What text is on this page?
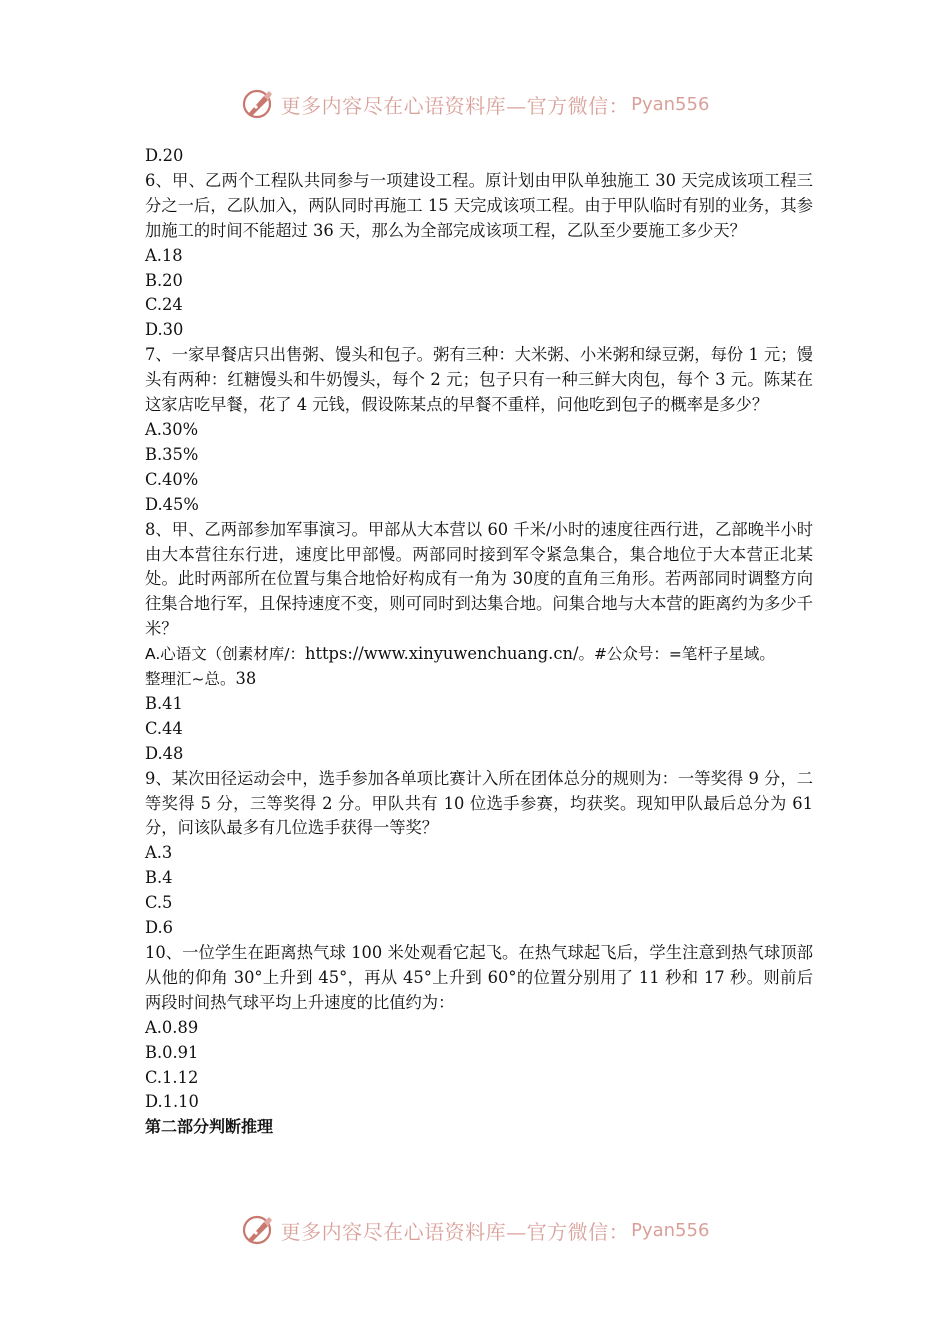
更多内容尽在心语资料库—官方微信： Pyan556
D.20
6、甲、乙两个工程队共同参与一项建设工程。原计划由甲队单独施工 30 天完成该项工程三分之一后，乙队加入，两队同时再施工 15 天完成该项工程。由于甲队临时有别的业务，其参加施工的时间不能超过 36 天，那么为全部完成该项工程，乙队至少要施工多少天？
A.18
B.20
C.24
D.30
7、一家早餐店只出售粥、馒头和包子。粥有三种：大米粥、小米粥和绿豆粥，每份 1 元；馒头有两种：红糖馒头和牛奶馒头，每个 2 元；包子只有一种三鲜大肉包，每个 3 元。陈某在这家店吃早餐，花了 4 元钱，假设陈某点的早餐不重样，问他吃到包子的概率是多少？
A.30%
B.35%
C.40%
D.45%
8、甲、乙两部参加军事演习。甲部从大本营以 60 千米/小时的速度往西行进，乙部晚半小时由大本营往东行进，速度比甲部慢。两部同时接到军令紧急集合，集合地位于大本营正北某处。此时两部所在位置与集合地恰好构成有一角为 30度的直角三角形。若两部同时调整方向往集合地行军，且保持速度不变，则可同时到达集合地。问集合地与大本营的距离约为多少千米？
A.心语文（创素材库/：https://www.xinyuwenchuang.cn/。#公众号：=笔杆子星域。
整理汇~总。38
B.41
C.44
D.48
9、某次田径运动会中，选手参加各单项比赛计入所在团体总分的规则为：一等奖得 9 分，二等奖得 5 分，三等奖得 2 分。甲队共有 10 位选手参赛，均获奖。现知甲队最后总分为 61 分，问该队最多有几位选手获得一等奖？
A.3
B.4
C.5
D.6
10、一位学生在距离热气球 100 米处观看它起飞。在热气球起飞后，学生注意到热气球顶部从他的仰角 30°上升到 45°，再从 45°上升到 60°的位置分别用了 11 秒和 17 秒。则前后两段时间热气球平均上升速度的比值约为：
A.0.89
B.0.91
C.1.12
D.1.10
第二部分判断推理
更多内容尽在心语资料库—官方微信： Pyan556
